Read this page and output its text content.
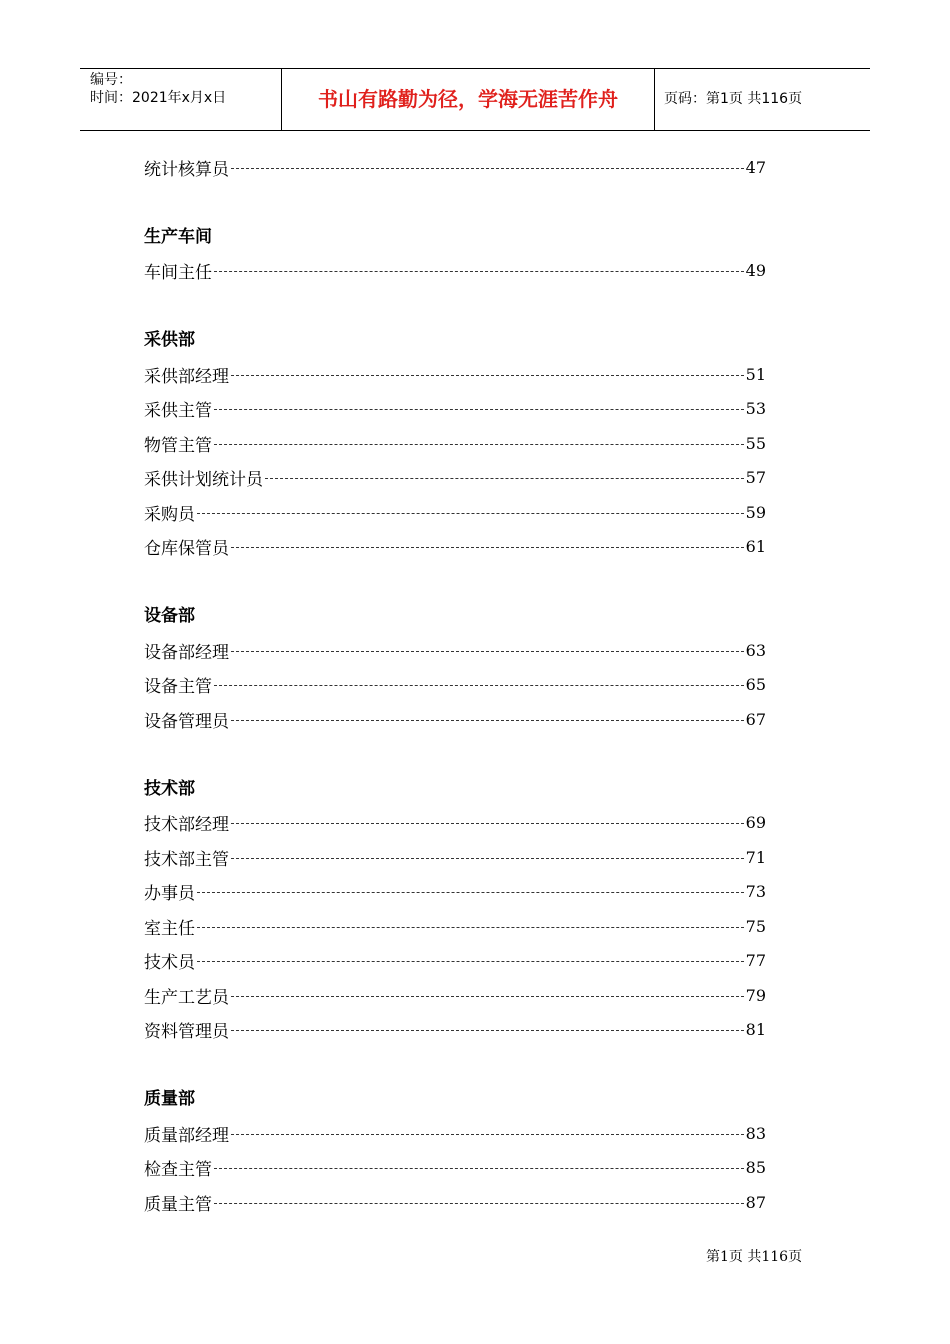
编号：
时间：2021年x月x日	书山有路勤为径，学海无涯苦作舟	页码：第1页 共116页
统计核算员	47
生产车间
车间主任	49
采供部
采供部经理	51
采供主管	53
物管主管	55
采供计划统计员	57
采购员	59
仓库保管员	61
设备部
设备部经理	63
设备主管	65
设备管理员	67
技术部
技术部经理	69
技术部主管	71
办事员	73
室主任	75
技术员	77
生产工艺员	79
资料管理员	81
质量部
质量部经理	83
检查主管	85
质量主管	87
第1页 共116页
